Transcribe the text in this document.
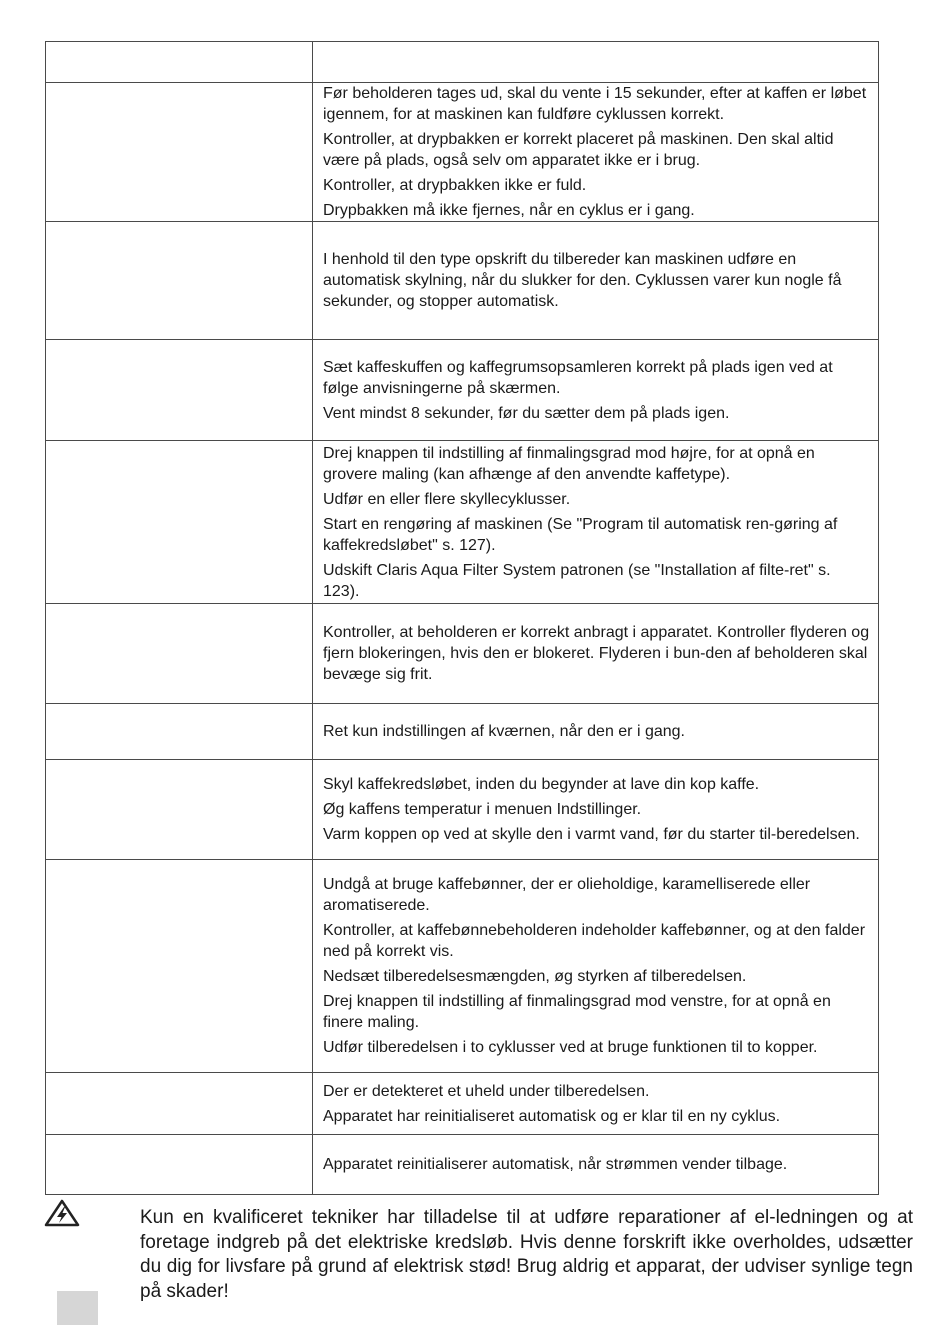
	Før beholderen tages ud, skal du vente i 15 sekunder, efter at kaffen er løbet igennem, for at maskinen kan fuldføre cyklussen korrekt.

Kontroller, at drypbakken er korrekt placeret på maskinen. Den skal altid være på plads, også selv om apparatet ikke er i brug.

Kontroller, at drypbakken ikke er fuld.

Drypbakken må ikke fjernes, når en cyklus er i gang.

	I henhold til den type opskrift du tilbereder kan maskinen udføre en automatisk skylning, når du slukker for den. Cyklussen varer kun nogle få sekunder, og stopper automatisk.

	Sæt kaffeskuffen og kaffegrumsopsamleren korrekt på plads igen ved at følge anvisningerne på skærmen.

Vent mindst 8 sekunder, før du sætter dem på plads igen.

	Drej knappen til indstilling af finmalingsgrad mod højre, for at opnå en grovere maling (kan afhænge af den anvendte kaffetype).

Udfør en eller flere skyllecyklusser.

Start en rengøring af maskinen (Se "Program til automatisk ren-gøring af kaffekredsløbet" s. 127).

Udskift Claris Aqua Filter System patronen (se "Installation af filte-ret" s. 123).

	Kontroller, at beholderen er korrekt anbragt i apparatet. Kontroller flyderen og fjern blokeringen, hvis den er blokeret. Flyderen i bun-den af beholderen skal bevæge sig frit.

	Ret kun indstillingen af kværnen, når den er i gang.

	Skyl kaffekredsløbet, inden du begynder at lave din kop kaffe.

Øg kaffens temperatur i menuen Indstillinger.

Varm koppen op ved at skylle den i varmt vand, før du starter til-beredelsen.

	Undgå at bruge kaffebønner, der er olieholdige, karamelliserede eller aromatiserede.

Kontroller, at kaffebønnebeholderen indeholder kaffebønner, og at den falder ned på korrekt vis.

Nedsæt tilberedelsesmængden, øg styrken af tilberedelsen.

Drej knappen til indstilling af finmalingsgrad mod venstre, for at opnå en finere maling.

Udfør tilberedelsen i to cyklusser ved at bruge funktionen til to kopper.

	Der er detekteret et uheld under tilberedelsen.

Apparatet har reinitialiseret automatisk og er klar til en ny cyklus.

	Apparatet reinitialiserer automatisk, når strømmen vender tilbage.

Kun en kvalificeret tekniker har tilladelse til at udføre reparationer af el-ledningen og at foretage indgreb på det elektriske kredsløb. Hvis denne forskrift ikke overholdes, udsætter du dig for livsfare på grund af elektrisk stød! Brug aldrig et apparat, der udviser synlige tegn på skader!
